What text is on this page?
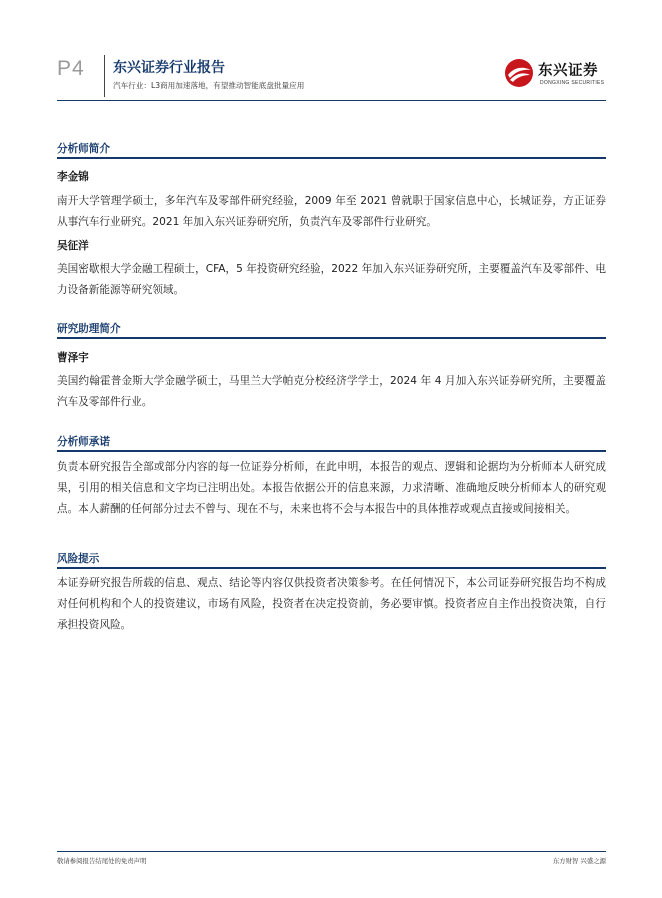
P4 东兴证券行业报告
汽车行业：L3商用加速落地，有望推动智能底盘批量应用
东兴证券
DONGXING SECURITIES
分析师简介
李金锦
南开大学管理学硕士，多年汽车及零部件研究经验，2009 年至 2021 曾就职于国家信息中心，长城证券，方正证券从事汽车行业研究。2021 年加入东兴证券研究所，负责汽车及零部件行业研究。
吴征洋
美国密歇根大学金融工程硕士，CFA，5 年投资研究经验，2022 年加入东兴证券研究所，主要覆盖汽车及零部件、电力设备新能源等研究领域。
研究助理简介
曹泽宇
美国约翰霍普金斯大学金融学硕士，马里兰大学帕克分校经济学学士，2024 年 4 月加入东兴证券研究所，主要覆盖汽车及零部件行业。
分析师承诺
负责本研究报告全部或部分内容的每一位证券分析师，在此申明，本报告的观点、逻辑和论据均为分析师本人研究成果，引用的相关信息和文字均已注明出处。本报告依据公开的信息来源，力求清晰、准确地反映分析师本人的研究观点。本人薪酬的任何部分过去不曾与、现在不与，未来也将不会与本报告中的具体推荐或观点直接或间接相关。
风险提示
本证券研究报告所载的信息、观点、结论等内容仅供投资者决策参考。在任何情况下，本公司证券研究报告均不构成对任何机构和个人的投资建议，市场有风险，投资者在决定投资前，务必要审慎。投资者应自主作出投资决策，自行承担投资风险。
敬请参阅报告结尾处的免责声明	东方财智 兴盛之源
